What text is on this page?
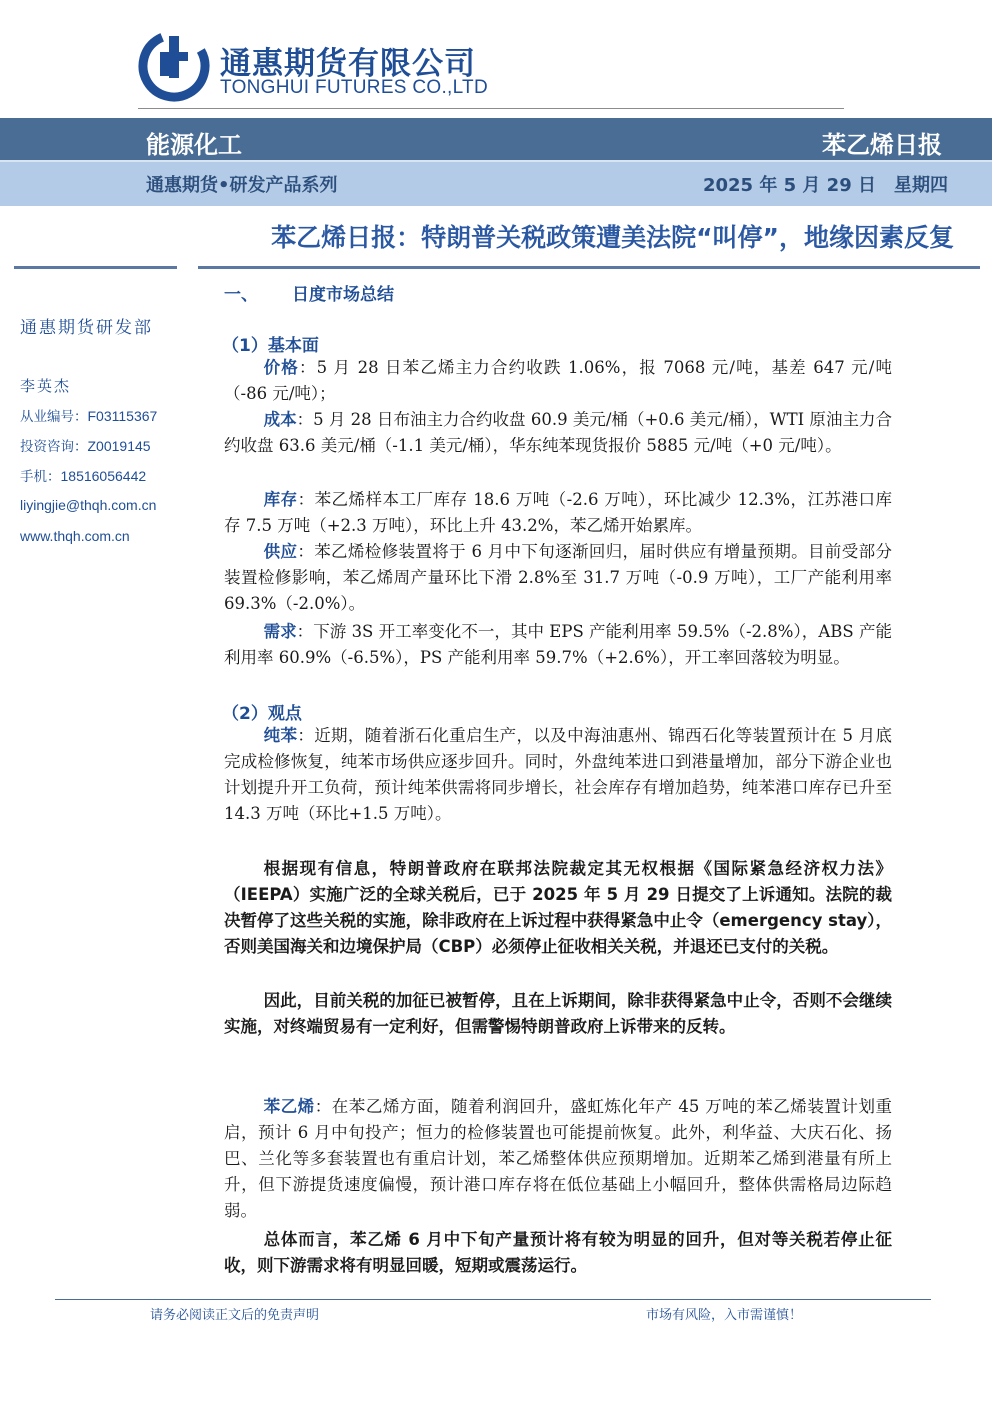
通惠期货有限公司
TONGHUI FUTURES CO.,LTD
能源化工	苯乙烯日报
通惠期货•研发产品系列	2025 年 5 月 29 日 星期四
苯乙烯日报：特朗普关税政策遭美法院“叫停”，地缘因素反复
通惠期货研发部
李英杰
从业编号：F03115367
投资咨询：Z0019145
手机：18516056442
liyingjie@thqh.com.cn
www.thqh.com.cn
一、 日度市场总结
（1）基本面

价格：5 月 28 日苯乙烯主力合约收跌 1.06%，报 7068 元/吨，基差 647 元/吨（-86 元/吨）；

成本：5 月 28 日布油主力合约收盘 60.9 美元/桶（+0.6 美元/桶），WTI 原油主力合约收盘 63.6 美元/桶（-1.1 美元/桶），华东纯苯现货报价 5885 元/吨（+0 元/吨）。

库存：苯乙烯样本工厂库存 18.6 万吨（-2.6 万吨），环比减少 12.3%，江苏港口库存 7.5 万吨（+2.3 万吨），环比上升 43.2%，苯乙烯开始累库。

供应：苯乙烯检修装置将于 6 月中下旬逐渐回归，届时供应有增量预期。目前受部分装置检修影响，苯乙烯周产量环比下滑 2.8%至 31.7 万吨（-0.9 万吨），工厂产能利用率 69.3%（-2.0%）。

需求：下游 3S 开工率变化不一，其中 EPS 产能利用率 59.5%（-2.8%），ABS 产能利用率 60.9%（-6.5%），PS 产能利用率 59.7%（+2.6%），开工率回落较为明显。

（2）观点

纯苯：近期，随着浙石化重启生产，以及中海油惠州、锦西石化等装置预计在 5 月底完成检修恢复，纯苯市场供应逐步回升。同时，外盘纯苯进口到港量增加，部分下游企业也计划提升开工负荷，预计纯苯供需将同步增长，社会库存有增加趋势，纯苯港口库存已升至 14.3 万吨（环比+1.5 万吨）。

根据现有信息，特朗普政府在联邦法院裁定其无权根据《国际紧急经济权力法》（IEEPA）实施广泛的全球关税后，已于 2025 年 5 月 29 日提交了上诉通知。法院的裁决暂停了这些关税的实施，除非政府在上诉过程中获得紧急中止令（emergency stay），否则美国海关和边境保护局（CBP）必须停止征收相关关税，并退还已支付的关税。

因此，目前关税的加征已被暂停，且在上诉期间，除非获得紧急中止令，否则不会继续实施，对终端贸易有一定利好，但需警惕特朗普政府上诉带来的反转。

苯乙烯：在苯乙烯方面，随着利润回升，盛虹炼化年产 45 万吨的苯乙烯装置计划重启，预计 6 月中旬投产；恒力的检修装置也可能提前恢复。此外，利华益、大庆石化、扬巴、兰化等多套装置也有重启计划，苯乙烯整体供应预期增加。近期苯乙烯到港量有所上升，但下游提货速度偏慢，预计港口库存将在低位基础上小幅回升，整体供需格局边际趋弱。

总体而言，苯乙烯 6 月中下旬产量预计将有较为明显的回升，但对等关税若停止征收，则下游需求将有明显回暖，短期或震荡运行。

请务必阅读正文后的免责声明	市场有风险，入市需谨慎！
